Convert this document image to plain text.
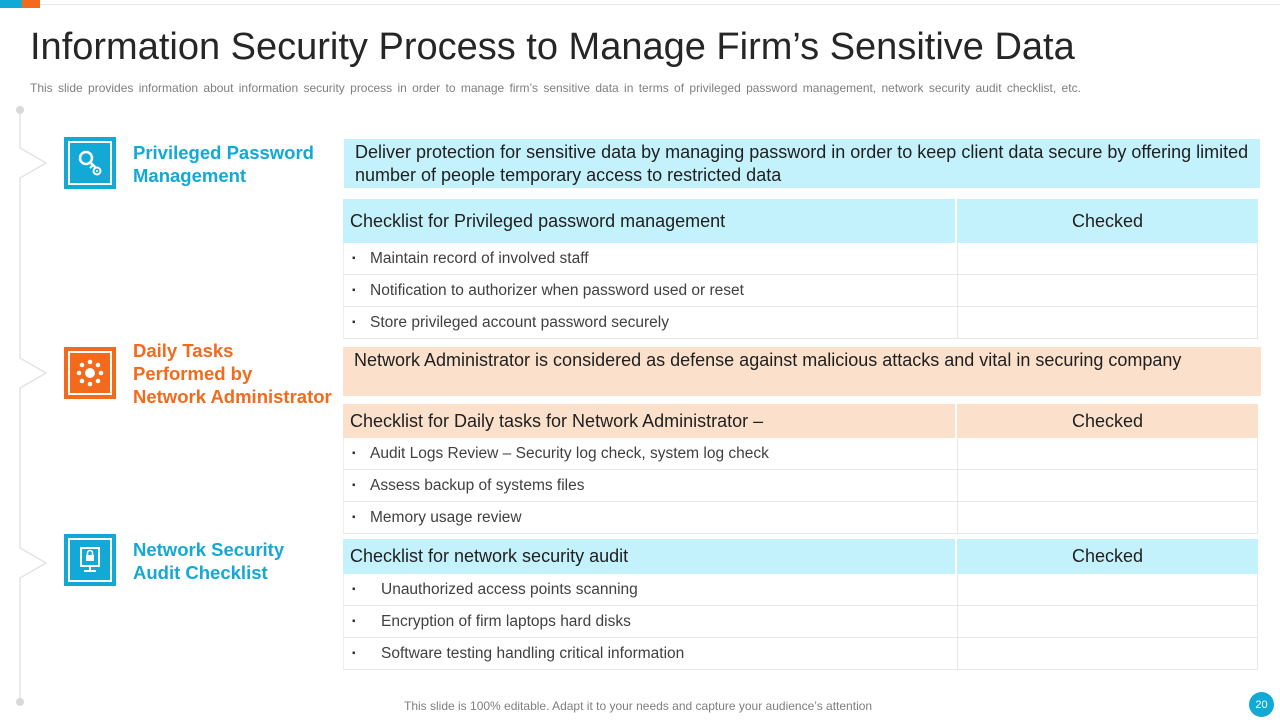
Information Security Process to Manage Firm’s Sensitive Data
This slide provides information about information security process in order to manage firm’s sensitive data in terms of privileged password management, network security audit checklist, etc.
Privileged Password
Management
Deliver protection for sensitive data by managing password in order to keep client data secure by offering limited number of people temporary access to restricted data
Checklist for Privileged password management	Checked
▪ Maintain record of involved staff
▪ Notification to authorizer when password used or reset
▪ Store privileged account password securely
Daily Tasks
Performed by
Network Administrator
Network Administrator is considered as defense against malicious attacks and vital in securing company
Checklist for Daily tasks for Network Administrator –	Checked
▪ Audit Logs Review – Security log check, system log check
▪ Assess backup of systems files
▪ Memory usage review
Network Security
Audit Checklist
Checklist for network security audit	Checked
▪	Unauthorized access points scanning
▪	Encryption of firm laptops hard disks
▪	Software testing handling critical information
This slide is 100% editable. Adapt it to your needs and capture your audience’s attention	20
